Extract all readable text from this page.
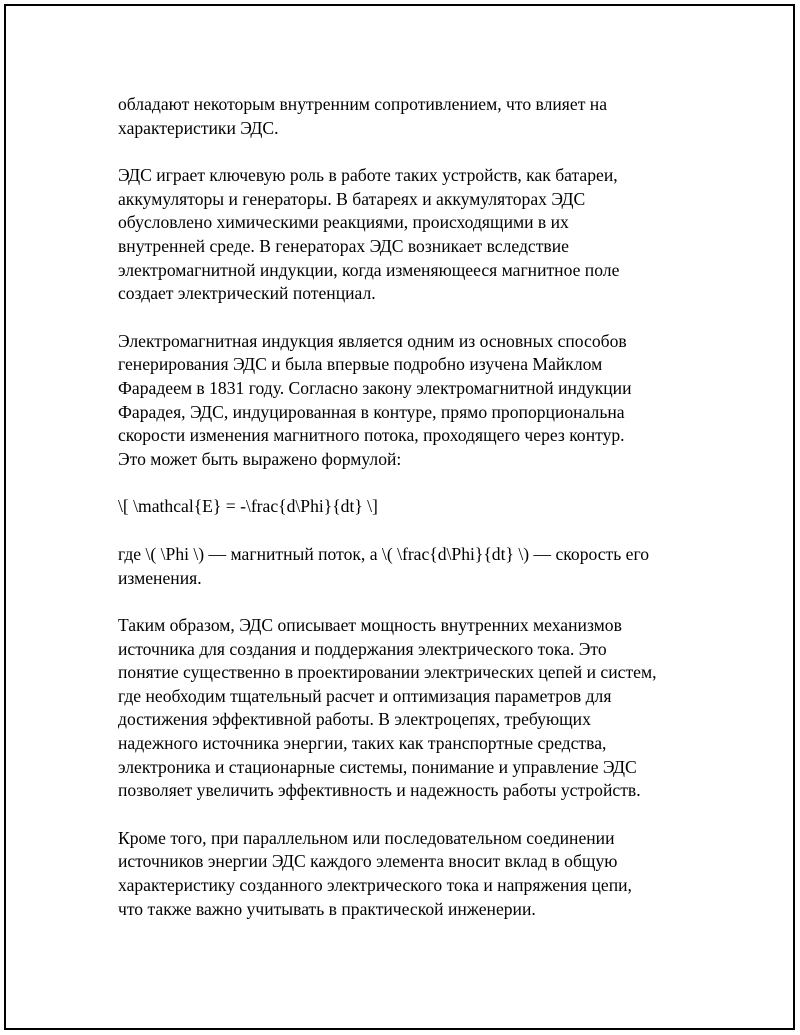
обладают некоторым внутренним сопротивлением, что влияет на
характеристики ЭДС.

ЭДС играет ключевую роль в работе таких устройств, как батареи,
аккумуляторы и генераторы. В батареях и аккумуляторах ЭДС
обусловлено химическими реакциями, происходящими в их
внутренней среде. В генераторах ЭДС возникает вследствие
электромагнитной индукции, когда изменяющееся магнитное поле
создает электрический потенциал.

Электромагнитная индукция является одним из основных способов
генерирования ЭДС и была впервые подробно изучена Майклом
Фарадеем в 1831 году. Согласно закону электромагнитной индукции
Фарадея, ЭДС, индуцированная в контуре, прямо пропорциональна
скорости изменения магнитного потока, проходящего через контур.
Это может быть выражено формулой:

\[ \mathcal{E} = -\frac{d\Phi}{dt} \]

где \( \Phi \) — магнитный поток, а \( \frac{d\Phi}{dt} \) — скорость его
изменения.

Таким образом, ЭДС описывает мощность внутренних механизмов
источника для создания и поддержания электрического тока. Это
понятие существенно в проектировании электрических цепей и систем,
где необходим тщательный расчет и оптимизация параметров для
достижения эффективной работы. В электроцепях, требующих
надежного источника энергии, таких как транспортные средства,
электроника и стационарные системы, понимание и управление ЭДС
позволяет увеличить эффективность и надежность работы устройств.

Кроме того, при параллельном или последовательном соединении
источников энергии ЭДС каждого элемента вносит вклад в общую
характеристику созданного электрического тока и напряжения цепи,
что также важно учитывать в практической инженерии.
